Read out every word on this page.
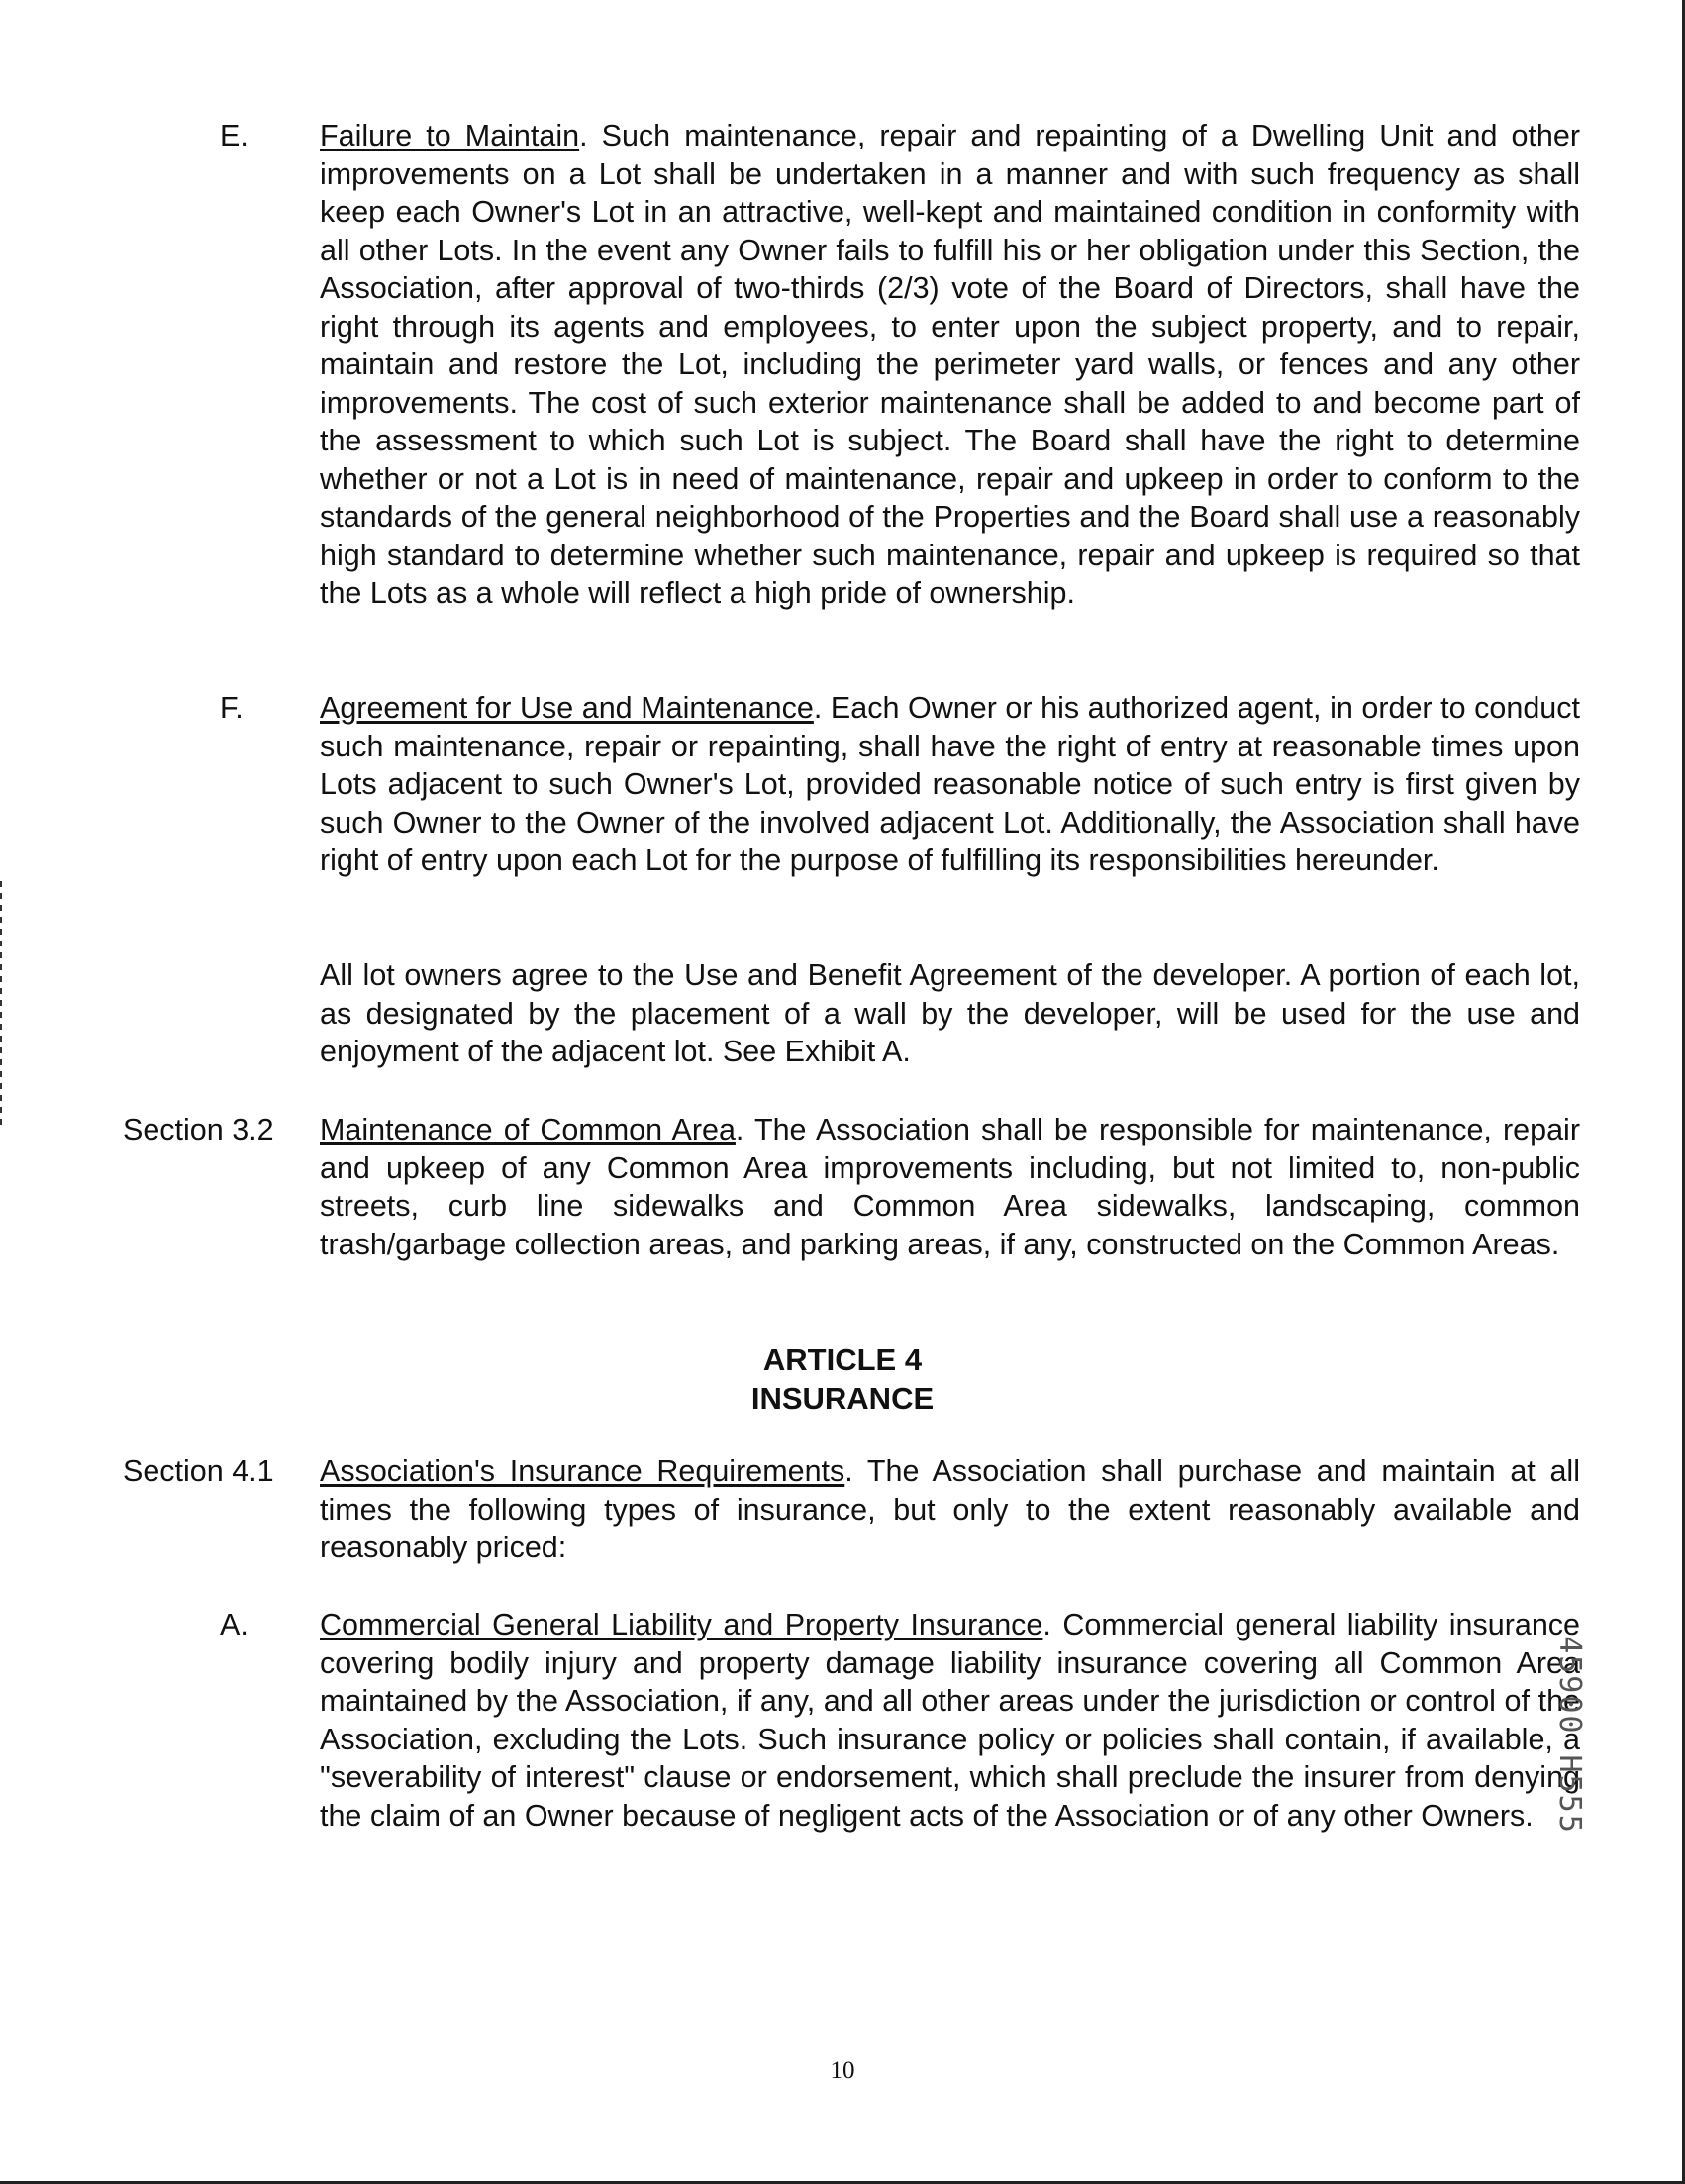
E. Failure to Maintain. Such maintenance, repair and repainting of a Dwelling Unit and other improvements on a Lot shall be undertaken in a manner and with such frequency as shall keep each Owner's Lot in an attractive, well-kept and maintained condition in conformity with all other Lots. In the event any Owner fails to fulfill his or her obligation under this Section, the Association, after approval of two-thirds (2/3) vote of the Board of Directors, shall have the right through its agents and employees, to enter upon the subject property, and to repair, maintain and restore the Lot, including the perimeter yard walls, or fences and any other improvements. The cost of such exterior maintenance shall be added to and become part of the assessment to which such Lot is subject. The Board shall have the right to determine whether or not a Lot is in need of maintenance, repair and upkeep in order to conform to the standards of the general neighborhood of the Properties and the Board shall use a reasonably high standard to determine whether such maintenance, repair and upkeep is required so that the Lots as a whole will reflect a high pride of ownership.

F.	Agreement for Use and Maintenance. Each Owner or his authorized agent, in order to conduct such maintenance, repair or repainting, shall have the right of entry at reasonable times upon Lots adjacent to such Owner's Lot, provided reasonable notice of such entry is first given by such Owner to the Owner of the involved adjacent Lot. Additionally, the Association shall have right of entry upon each Lot for the purpose of fulfilling its responsibilities hereunder.

All lot owners agree to the Use and Benefit Agreement of the developer. A portion of each lot, as designated by the placement of a wall by the developer, will be used for the use and enjoyment of the adjacent lot. See Exhibit A.

Section 3.2 Maintenance of Common Area. The Association shall be responsible for maintenance, repair and upkeep of any Common Area improvements including, but not limited to, non-public streets, curb line sidewalks and Common Area sidewalks, landscaping, common trash/garbage collection areas, and parking areas, if any, constructed on the Common Areas.

ARTICLE 4
INSURANCE
Section 4.1 Association's Insurance Requirements. The Association shall purchase and maintain at all times the following types of insurance, but only to the extent reasonably available and reasonably priced:

A. Commercial General Liability and Property Insurance. Commercial general liability insurance covering bodily injury and property damage liability insurance covering all Common Area maintained by the Association, if any, and all other areas under the jurisdiction or control of the Association, excluding the Lots. Such insurance policy or policies shall contain, if available, a "severability of interest" clause or endorsement, which shall preclude the insurer from denying the claim of an Owner because of negligent acts of the Association or of any other Owners. 45900 H555
10
